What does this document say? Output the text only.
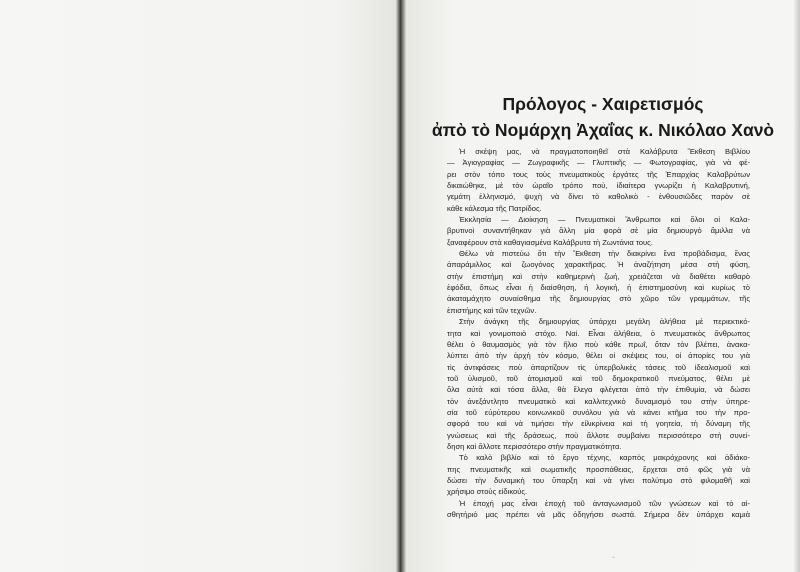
Πρόλογος - Χαιρετισμός
ἀπὸ τὸ Νομάρχη Ἀχαΐας κ. Νικόλαο Χανὸ
Ἡ σκέψη μας, νὰ πραγματοποιηθεῖ στὰ Καλάβρυτα Ἔκθεση Βιβλίου
— Ἁγιογραφίας — Ζωγραφικῆς — Γλυπτικῆς — Φωτογραφίας, γιὰ νὰ φέ-
ρει στὸν τόπο τους τοὺς πνευματικοὺς ἐργάτες τῆς Ἐπαρχίας Καλαβρύτων
δικαιώθηκε, μὲ τὸν ὡραῖο τρόπο ποὺ, ἰδιαίτερα γνωρίζει ἡ Καλαβρυτινή,
γεμάτη ἑλληνισμό, ψυχὴ νὰ δίνει τὸ καθολικὸ - ἐνθουσιῶδες παρὸν σὲ
κάθε κάλεσμα τῆς Πατρίδος.
Ἐκκλησία — Διοίκηση — Πνευματικοὶ Ἄνθρωποι καὶ ὅλοι οἱ Καλα-
βρυτινοὶ συναντήθηκαν γιὰ ἄλλη μία φορὰ σὲ μία δημιουργὸ ἅμιλλα νὰ
ξαναφέρουν στὰ καθαγιασμένα Καλάβρυτα τὴ Ζωντάνια τους.
Θέλω νὰ πιστεύω ὅτι τὴν Ἔκθεση τὴν διακρίνει ἕνα προβάδισμα, ἕνας
ἀπαράμιλλος καὶ ζωογόνος χαρακτῆρας. Ἡ ἀναζήτηση μέσα στὴ φύση,
στὴν ἐπιστήμη καὶ στὴν καθημερινὴ ζωή, χρειάζεται νὰ διαθέτει καθαρὸ
ἐφόδια, ὅπως εἶναι ἡ διαίσθηση, ἡ λογική, ἡ ἐπιστημοσύνη καὶ κυρίως τὸ
ἀκαταμάχητο συναίσθημα τῆς δημιουργίας στὸ χῶρο τῶν γραμμάτων, τῆς
ἐπιστήμης καὶ τῶν τεχνῶν.
Στὴν ἀνάγκη τῆς δημιουργίας ὑπάρχει μεγάλη ἀλήθεια μὲ περιεκτικό-
τητα καὶ γονιμοποιὸ στόχο. Ναί. Εἶναι ἀλήθεια, ὁ πνευματικὸς ἄνθρωπος
θέλει ὁ θαυμασμὸς γιὰ τὸν ἥλιο ποὺ κάθε πρωΐ, ὅταν τὸν βλέπει, ἀνακα-
λύπτει ἀπὸ τὴν ἀρχὴ τὸν κόσμο, θέλει οἱ σκέψεις του, οἱ ἀπορίες του γιὰ
τὶς ἀντιφάσεις ποὺ ἀπαρτίζουν τὶς ὑπερβολικὲς τάσεις τοῦ ἰδεαλισμοῦ καὶ
τοῦ ὑλισμοῦ, τοῦ ἀτομισμοῦ καὶ τοῦ δημοκρατικοῦ πνεύματος, θέλει μὲ
ὅλα αὐτὰ καὶ τόσα ἄλλα, θὰ ἔλεγα φλέγεται ἀπὸ τὴν ἐπιθυμία, νὰ δώσει
τὸν ἀνεξάντλητο πνευματικὸ καὶ καλλιτεχνικὸ δυναμισμό του στὴν ὑπηρε-
σία τοῦ εὐρύτερου κοινωνικοῦ συνόλου γιὰ νὰ κάνει κτῆμα του τὴν προ-
σφορά του καὶ νὰ τιμήσει τὴν εἰλικρίνεια καὶ τὴ γοητεία, τὴ δύναμη τῆς
γνώσεως καὶ τῆς δράσεως, ποὺ ἄλλοτε συμβαίνει περισσότερο στὴ συνεί-
δηση καὶ ἄλλοτε περισσότερο στὴν πραγματικότητα.
Τὸ καλὸ βιβλίο καὶ τὸ ἔργο τέχνης, καρπὸς μακρόχρονης καὶ ἀδιάκο-
πης πνευματικῆς καὶ σωματικῆς προσπάθειας, ἔρχεται στὸ φῶς γιὰ νὰ
δώσει τὴν δυναμικὴ του ὕπαρξη καὶ νὰ γίνει πολύτιμο στὸ φιλομαθῆ καὶ
χρήσιμο στοὺς εἰδικούς.
Ἡ ἐποχή μας εἶναι ἐποχὴ τοῦ ἀνταγωνισμοῦ τῶν γνώσεων καὶ τὸ αἰ-
σθητήριό μας πρέπει νὰ μᾶς ὁδηγήσει σωστά. Σήμερα δὲν ὑπάρχει καμιὰ
ᵃᵃ
